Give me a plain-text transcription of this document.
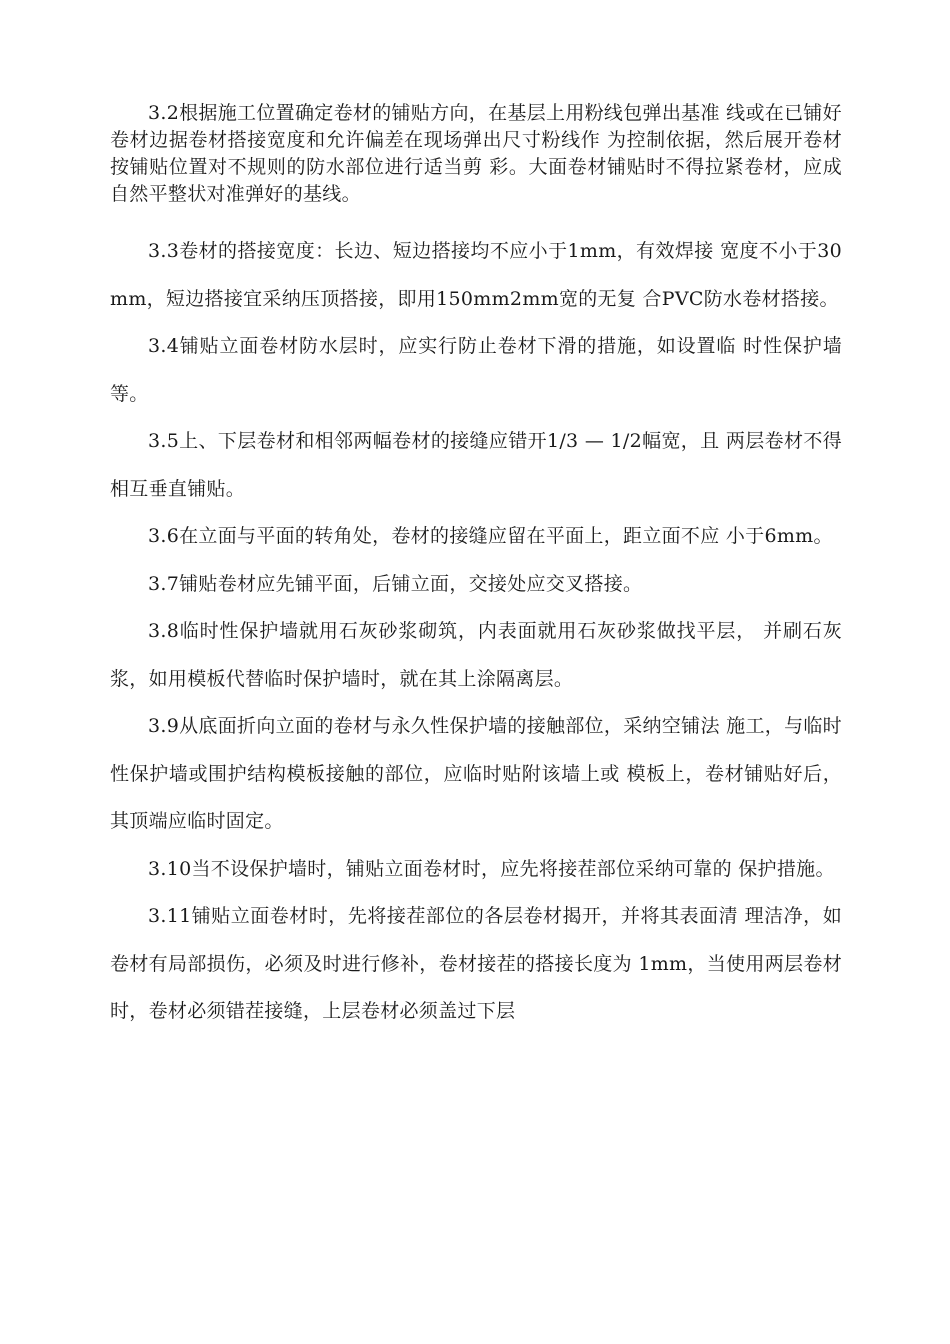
3.2根据施工位置确定卷材的铺贴方向，在基层上用粉线包弹出基准 线或在已铺好卷材边据卷材搭接宽度和允许偏差在现场弹出尺寸粉线作 为控制依据，然后展开卷材按铺贴位置对不规则的防水部位进行适当剪 彩。大面卷材铺贴时不得拉紧卷材，应成自然平整状对准弹好的基线。

3.3卷材的搭接宽度：长边、短边搭接均不应小于1mm，有效焊接 宽度不小于30mm，短边搭接宜采纳压顶搭接，即用150mm2mm宽的无复 合PVC防水卷材搭接。

3.4铺贴立面卷材防水层时，应实行防止卷材下滑的措施，如设置临 时性保护墙等。

3.5上、下层卷材和相邻两幅卷材的接缝应错开1/3 — 1/2幅宽，且 两层卷材不得相互垂直铺贴。

3.6在立面与平面的转角处，卷材的接缝应留在平面上，距立面不应 小于6mm。

3.7铺贴卷材应先铺平面，后铺立面，交接处应交叉搭接。

3.8临时性保护墙就用石灰砂浆砌筑，内表面就用石灰砂浆做找平层， 并刷石灰浆，如用模板代替临时保护墙时，就在其上涂隔离层。

3.9从底面折向立面的卷材与永久性保护墙的接触部位，采纳空铺法 施工，与临时性保护墙或围护结构模板接触的部位，应临时贴附该墙上或 模板上，卷材铺贴好后，其顶端应临时固定。

3.10当不设保护墙时，铺贴立面卷材时，应先将接茬部位采纳可靠的 保护措施。

3.11铺贴立面卷材时，先将接茬部位的各层卷材揭开，并将其表面清 理洁净，如卷材有局部损伤，必须及时进行修补，卷材接茬的搭接长度为 1mm，当使用两层卷材时，卷材必须错茬接缝，上层卷材必须盖过下层
